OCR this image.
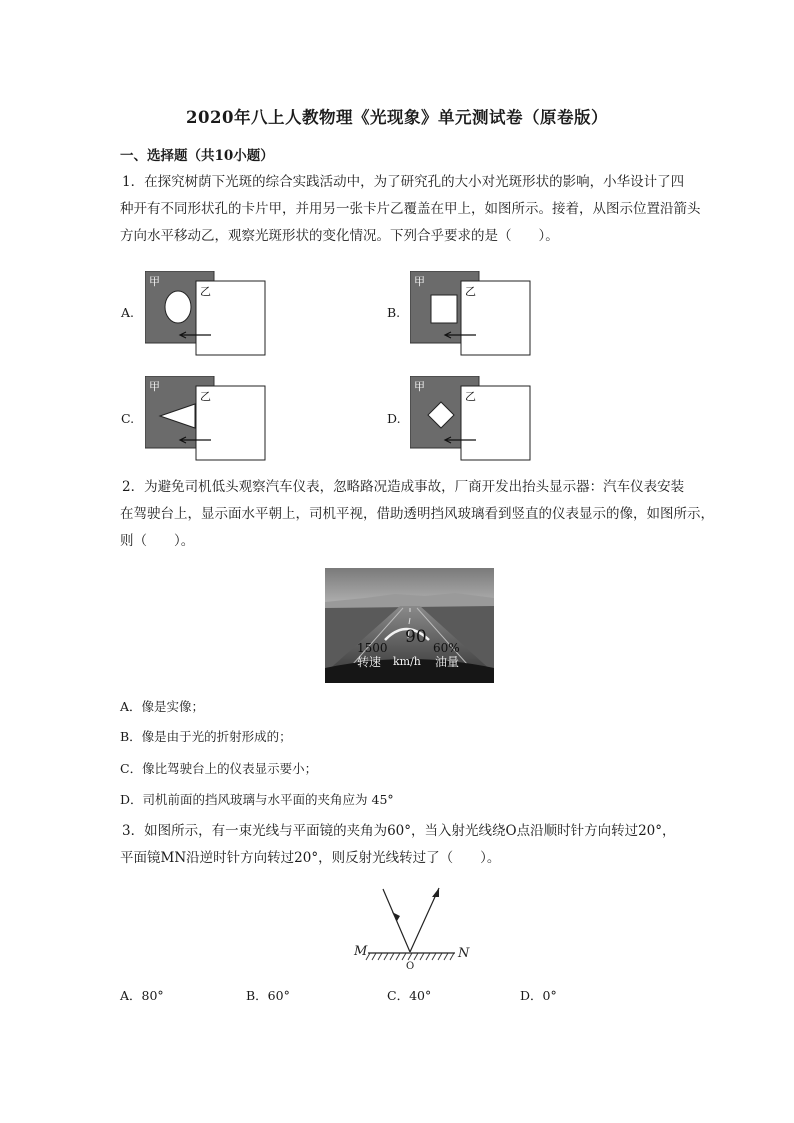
2020年八上人教物理《光现象》单元测试卷（原卷版）
一、选择题（共10小题）
1．在探究树荫下光斑的综合实践活动中，为了研究孔的大小对光斑形状的影响，小华设计了四
种开有不同形状孔的卡片甲，并用另一张卡片乙覆盖在甲上，如图所示。接着，从图示位置沿箭头
方向水平移动乙，观察光斑形状的变化情况。下列合乎要求的是（　　）。
A.
甲
乙
B.
甲
乙
C.
甲
乙
D.
甲
乙
2．为避免司机低头观察汽车仪表，忽略路况造成事故，厂商开发出抬头显示器：汽车仪表安装
在驾驶台上，显示面水平朝上，司机平视，借助透明挡风玻璃看到竖直的仪表显示的像，如图所示，
则（　　）。
90
1500	60%
转速 km/h 油量
A．像是实像；
B．像是由于光的折射形成的；
C．像比驾驶台上的仪表显示要小；
D．司机前面的挡风玻璃与水平面的夹角应为 45°
3．如图所示，有一束光线与平面镜的夹角为60°，当入射光线绕O点沿顺时针方向转过20°，
平面镜MN沿逆时针方向转过20°，则反射光线转过了（　　）。
M	N
O
A．80°	B．60°	C．40°	D．0°
